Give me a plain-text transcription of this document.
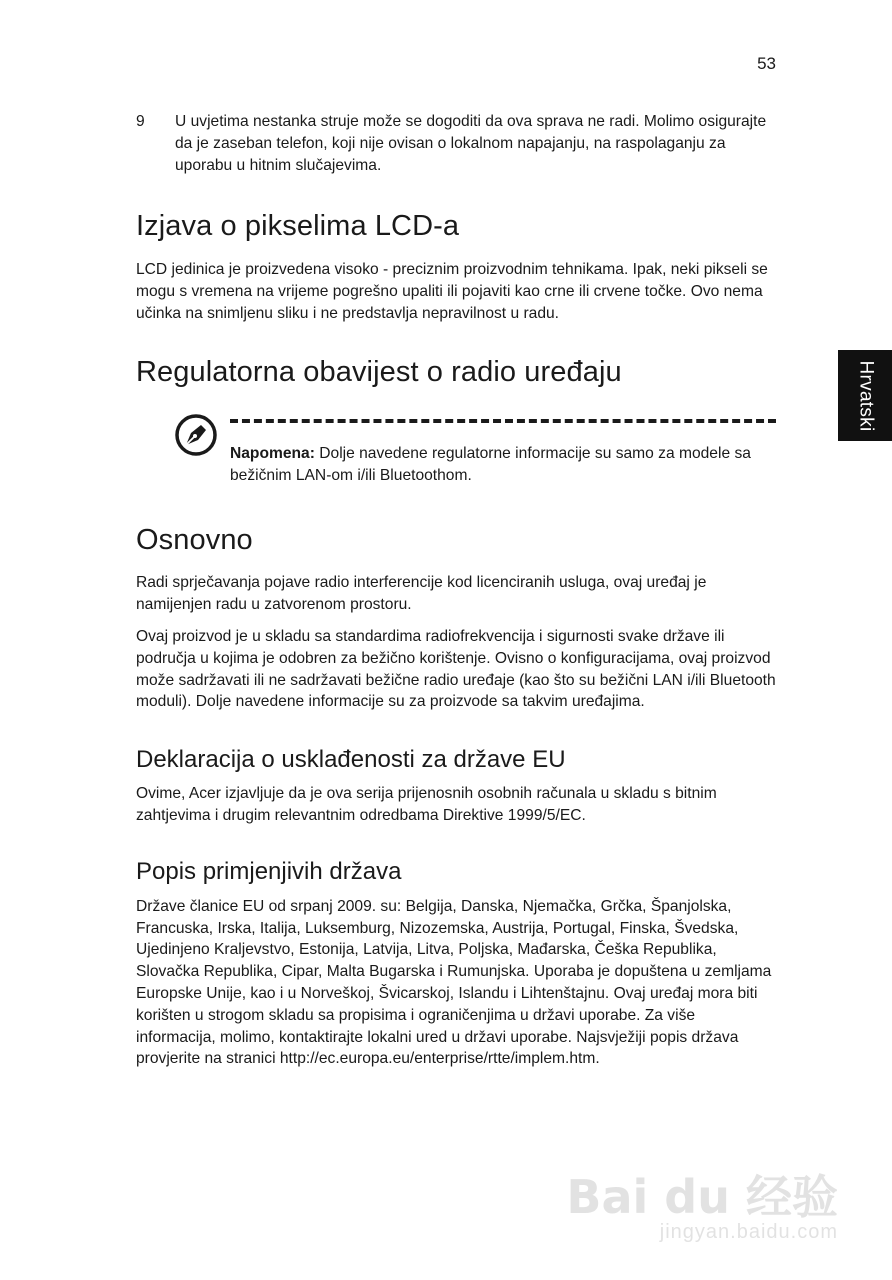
53
Hrvatski
9	U uvjetima nestanka struje može se dogoditi da ova sprava ne radi. Molimo osigurajte da je zaseban telefon, koji nije ovisan o lokalnom napajanju, na raspolaganju za uporabu u hitnim slučajevima.
Izjava o pikselima LCD-a

LCD jedinica je proizvedena visoko - preciznim proizvodnim tehnikama. Ipak, neki pikseli se mogu s vremena na vrijeme pogrešno upaliti ili pojaviti kao crne ili crvene točke. Ovo nema učinka na snimljenu sliku i ne predstavlja nepravilnost u radu.

Regulatorna obavijest o radio uređaju

Napomena: Dolje navedene regulatorne informacije su samo za modele sa bežičnim LAN-om i/ili Bluetoothom.

Osnovno

Radi sprječavanja pojave radio interferencije kod licenciranih usluga, ovaj uređaj je namijenjen radu u zatvorenom prostoru.

Ovaj proizvod je u skladu sa standardima radiofrekvencija i sigurnosti svake države ili područja u kojima je odobren za bežično korištenje. Ovisno o konfiguracijama, ovaj proizvod može sadržavati ili ne sadržavati bežične radio uređaje (kao što su bežični LAN i/ili Bluetooth moduli). Dolje navedene informacije su za proizvode sa takvim uređajima.

Deklaracija o usklađenosti za države EU

Ovime, Acer izjavljuje da je ova serija prijenosnih osobnih računala u skladu s bitnim zahtjevima i drugim relevantnim odredbama Direktive 1999/5/EC.

Popis primjenjivih država

Države članice EU od srpanj 2009. su: Belgija, Danska, Njemačka, Grčka, Španjolska, Francuska, Irska, Italija, Luksemburg, Nizozemska, Austrija, Portugal, Finska, Švedska, Ujedinjeno Kraljevstvo, Estonija, Latvija, Litva, Poljska, Mađarska, Češka Republika, Slovačka Republika, Cipar, Malta Bugarska i Rumunjska. Uporaba je dopuštena u zemljama Europske Unije, kao i u Norveškoj, Švicarskoj, Islandu i Lihtenštajnu. Ovaj uređaj mora biti korišten u strogom skladu sa propisima i ograničenjima u državi uporabe. Za više informacija, molimo, kontaktirajte lokalni ured u državi uporabe. Najsvježiji popis država provjerite na stranici http://ec.europa.eu/enterprise/rtte/implem.htm.

Bai du 经验
jingyan.baidu.com
